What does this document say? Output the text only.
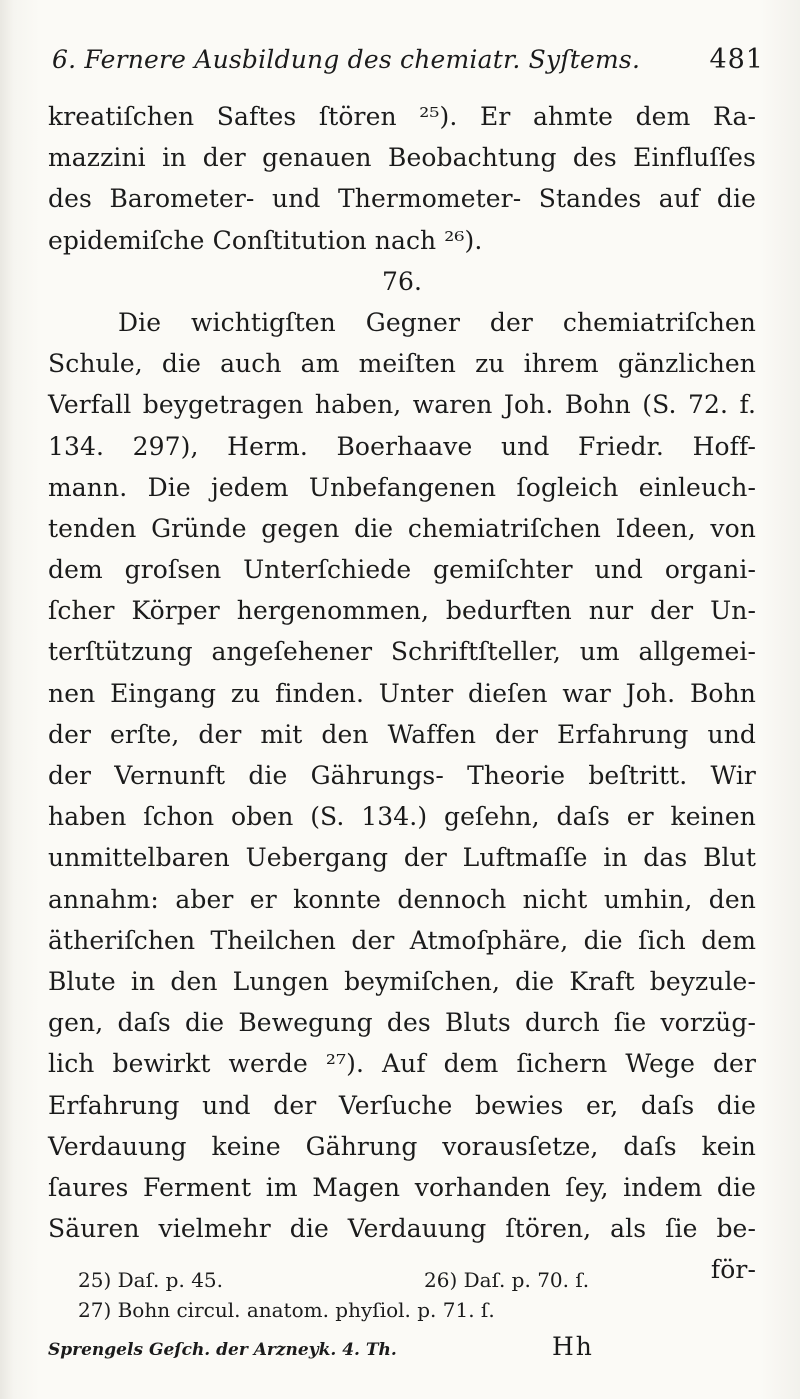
6. Fernere Ausbildung des chemiatr. Syſtems.	481
kreatiſchen Saftes ſtören ²⁵). Er ahmte dem Ra-
mazzini in der genauen Beobachtung des Einfluſſes
des Barometer- und Thermometer- Standes auf die
epidemiſche Conſtitution nach ²⁶).
76.
Die wichtigſten Gegner der chemiatriſchen
Schule, die auch am meiſten zu ihrem gänzlichen
Verfall beygetragen haben, waren Joh. Bohn (S. 72. f.
134. 297), Herm. Boerhaave und Friedr. Hoff-
mann. Die jedem Unbefangenen ſogleich einleuch-
tenden Gründe gegen die chemiatriſchen Ideen, von
dem groſsen Unterſchiede gemiſchter und organi-
ſcher Körper hergenommen, bedurften nur der Un-
terſtützung angeſehener Schriftſteller, um allgemei-
nen Eingang zu finden. Unter dieſen war Joh. Bohn
der erſte, der mit den Waffen der Erfahrung und
der Vernunft die Gährungs- Theorie beſtritt. Wir
haben ſchon oben (S. 134.) geſehn, daſs er keinen
unmittelbaren Uebergang der Luftmaſſe in das Blut
annahm: aber er konnte dennoch nicht umhin, den
ätheriſchen Theilchen der Atmoſphäre, die ſich dem
Blute in den Lungen beymiſchen, die Kraft beyzule-
gen, daſs die Bewegung des Bluts durch ſie vorzüg-
lich bewirkt werde ²⁷). Auf dem ſichern Wege der
Erfahrung und der Verſuche bewies er, daſs die
Verdauung keine Gährung vorausſetze, daſs kein
ſaures Ferment im Magen vorhanden ſey, indem die
Säuren vielmehr die Verdauung ſtören, als ſie be-
för-
25) Daſ. p. 45.	26) Daſ. p. 70. ſ.
27) Bohn circul. anatom. phyſiol. p. 71. ſ.
Sprengels Geſch. der Arzneyk. 4. Th.	Hh
